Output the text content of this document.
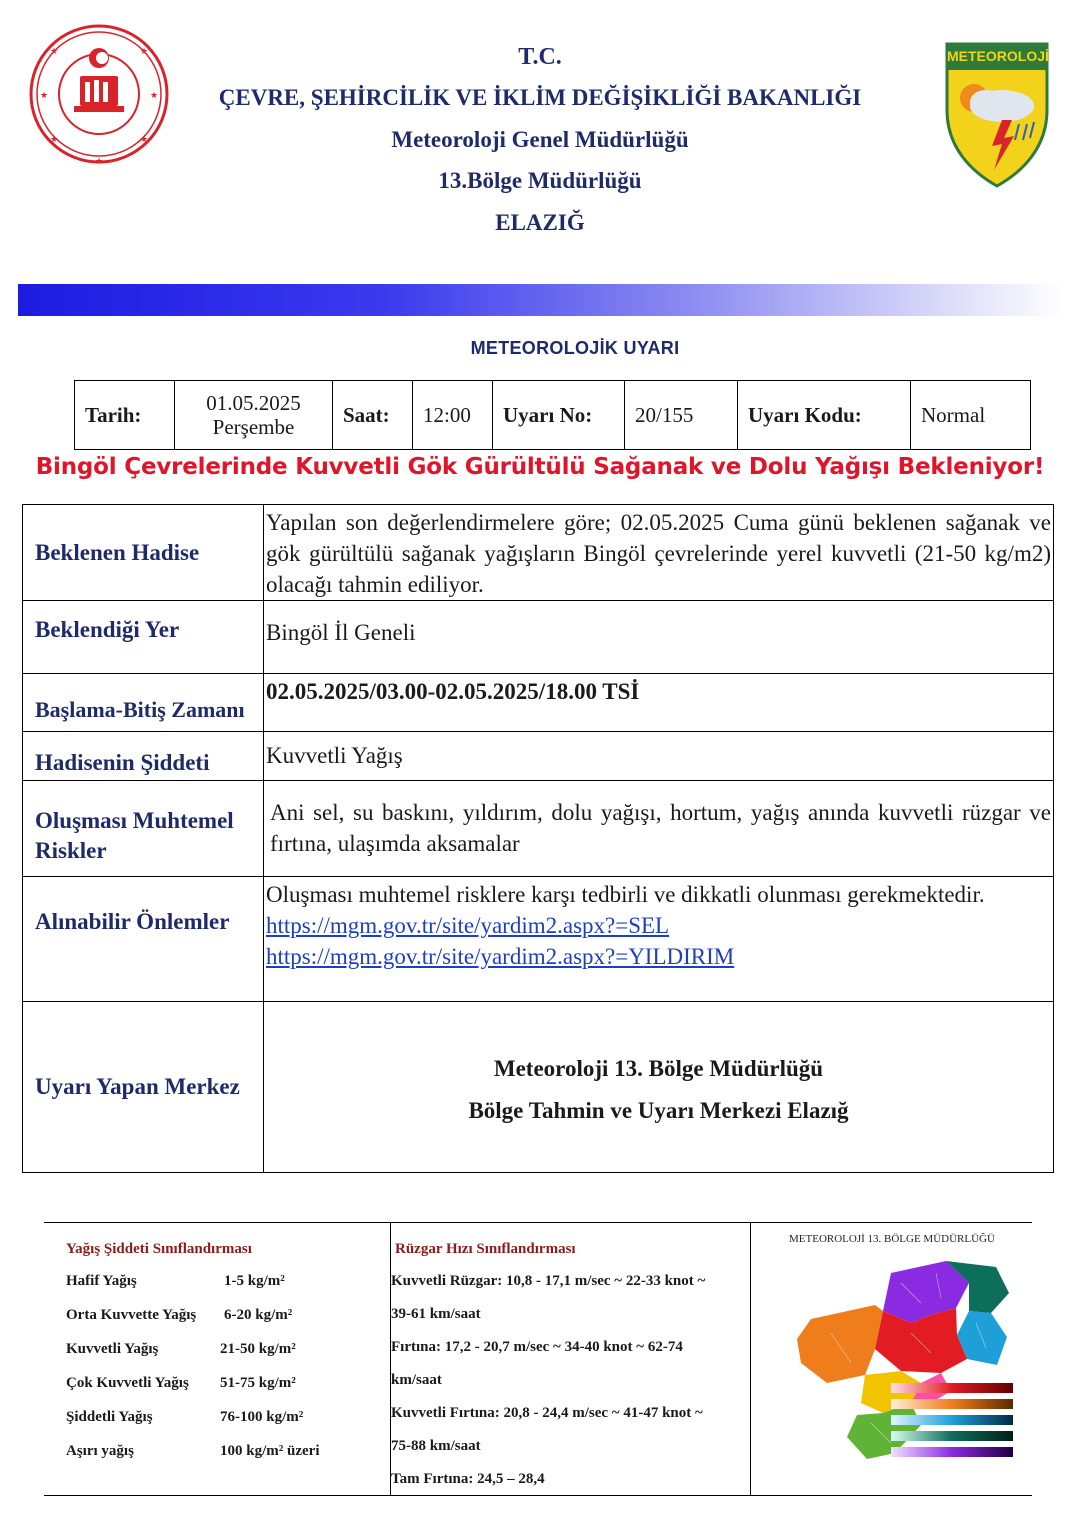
★	★
★	★
★	★
★
T.C.
ÇEVRE, ŞEHİRCİLİK VE İKLİM DEĞİŞİKLİĞİ BAKANLIĞI
Meteoroloji Genel Müdürlüğü
13.Bölge Müdürlüğü
ELAZIĞ
METEOROLOJİ
METEOROLOJİK UYARI
Tarih:	01.05.2025
Perşembe
Saat:	12:00	Uyarı No:	20/155	Uyarı Kodu:	Normal
Bingöl Çevrelerinde Kuvvetli Gök Gürültülü Sağanak ve Dolu Yağışı Bekleniyor!
Beklenen Hadise
Yapılan son değerlendirmelere göre; 02.05.2025 Cuma günü beklenen sağanak ve gök gürültülü sağanak yağışların Bingöl çevrelerinde yerel kuvvetli (21-50 kg/m2) olacağı tahmin ediliyor.
Beklendiği Yer	Bingöl İl Geneli
Başlama-Bitiş Zamanı
02.05.2025/03.00-02.05.2025/18.00 TSİ
Hadisenin Şiddeti	Kuvvetli Yağış
Oluşması Muhtemel Riskler
Ani sel, su baskını, yıldırım, dolu yağışı, hortum, yağış anında kuvvetli rüzgar ve fırtına, ulaşımda aksamalar
Alınabilir Önlemler
Oluşması muhtemel risklere karşı tedbirli ve dikkatli olunması gerekmektedir.
https://mgm.gov.tr/site/yardim2.aspx?=SEL
https://mgm.gov.tr/site/yardim2.aspx?=YILDIRIM
Uyarı Yapan Merkez
Meteoroloji 13. Bölge Müdürlüğü
Bölge Tahmin ve Uyarı Merkezi Elazığ
Yağış Şiddeti Sınıflandırması
Hafif Yağış	1-5 kg/m²
Orta Kuvvette Yağış 6-20 kg/m²
Kuvvetli Yağış	21-50 kg/m²
Çok Kuvvetli Yağış 51-75 kg/m²
Şiddetli Yağış	76-100 kg/m²
Aşırı yağış	100 kg/m² üzeri
Rüzgar Hızı Sınıflandırması
Kuvvetli Rüzgar: 10,8 - 17,1 m/sec ~ 22-33 knot ~
39-61 km/saat
Fırtına: 17,2 - 20,7 m/sec ~ 34-40 knot ~ 62-74
km/saat
Kuvvetli Fırtına: 20,8 - 24,4 m/sec ~ 41-47 knot ~
75-88 km/saat
Tam Fırtına: 24,5 – 28,4
METEOROLOJİ 13. BÖLGE MÜDÜRLÜĞÜ
